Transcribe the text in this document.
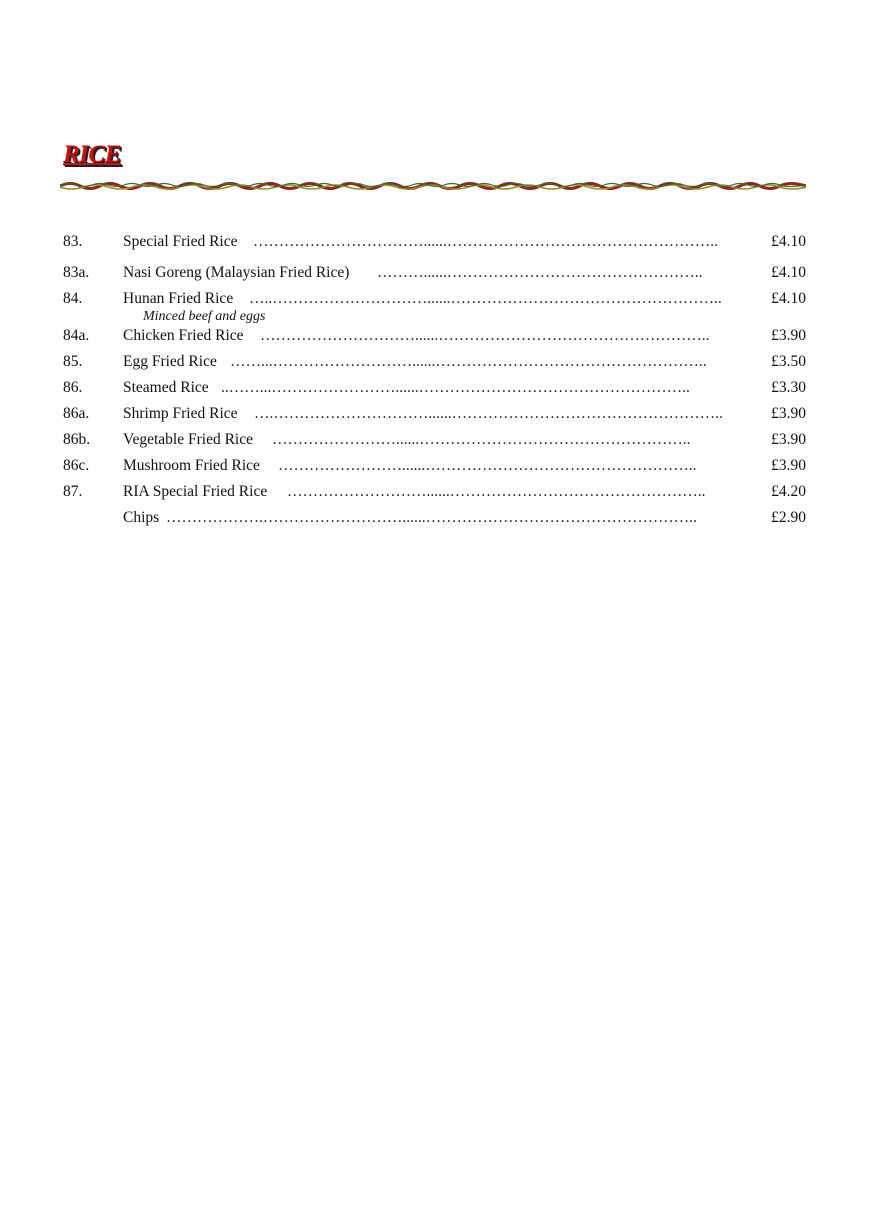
RICE
83.	Special Fried Rice ……………………………......……………………………………………..	£4.10
83a. Nasi Goreng (Malaysian Fried Rice) ………......…………………………………………..	£4.10
84.	Hunan Fried Rice …..…………………………......……………………………………………..	£4.10
Minced beef and eggs
84a. Chicken Fried Rice …………………………......……………………………………………..	£3.90
85.	Egg Fried Rice ……...………………………......……………………………………………..	£3.50
86.	Steamed Rice ..……...……………………......……………………………………………..	£3.30
86a. Shrimp Fried Rice ….…………………………......……………………………………………..	£3.90
86b. Vegetable Fried Rice ……………………......……………………………………………..	£3.90
86c. Mushroom Fried Rice ……………………......……………………………………………..	£3.90
87.	RIA Special Fried Rice ………………………......…………………………………………..	£4.20
Chips ……………….………………………......……………………………………………..	£2.90
